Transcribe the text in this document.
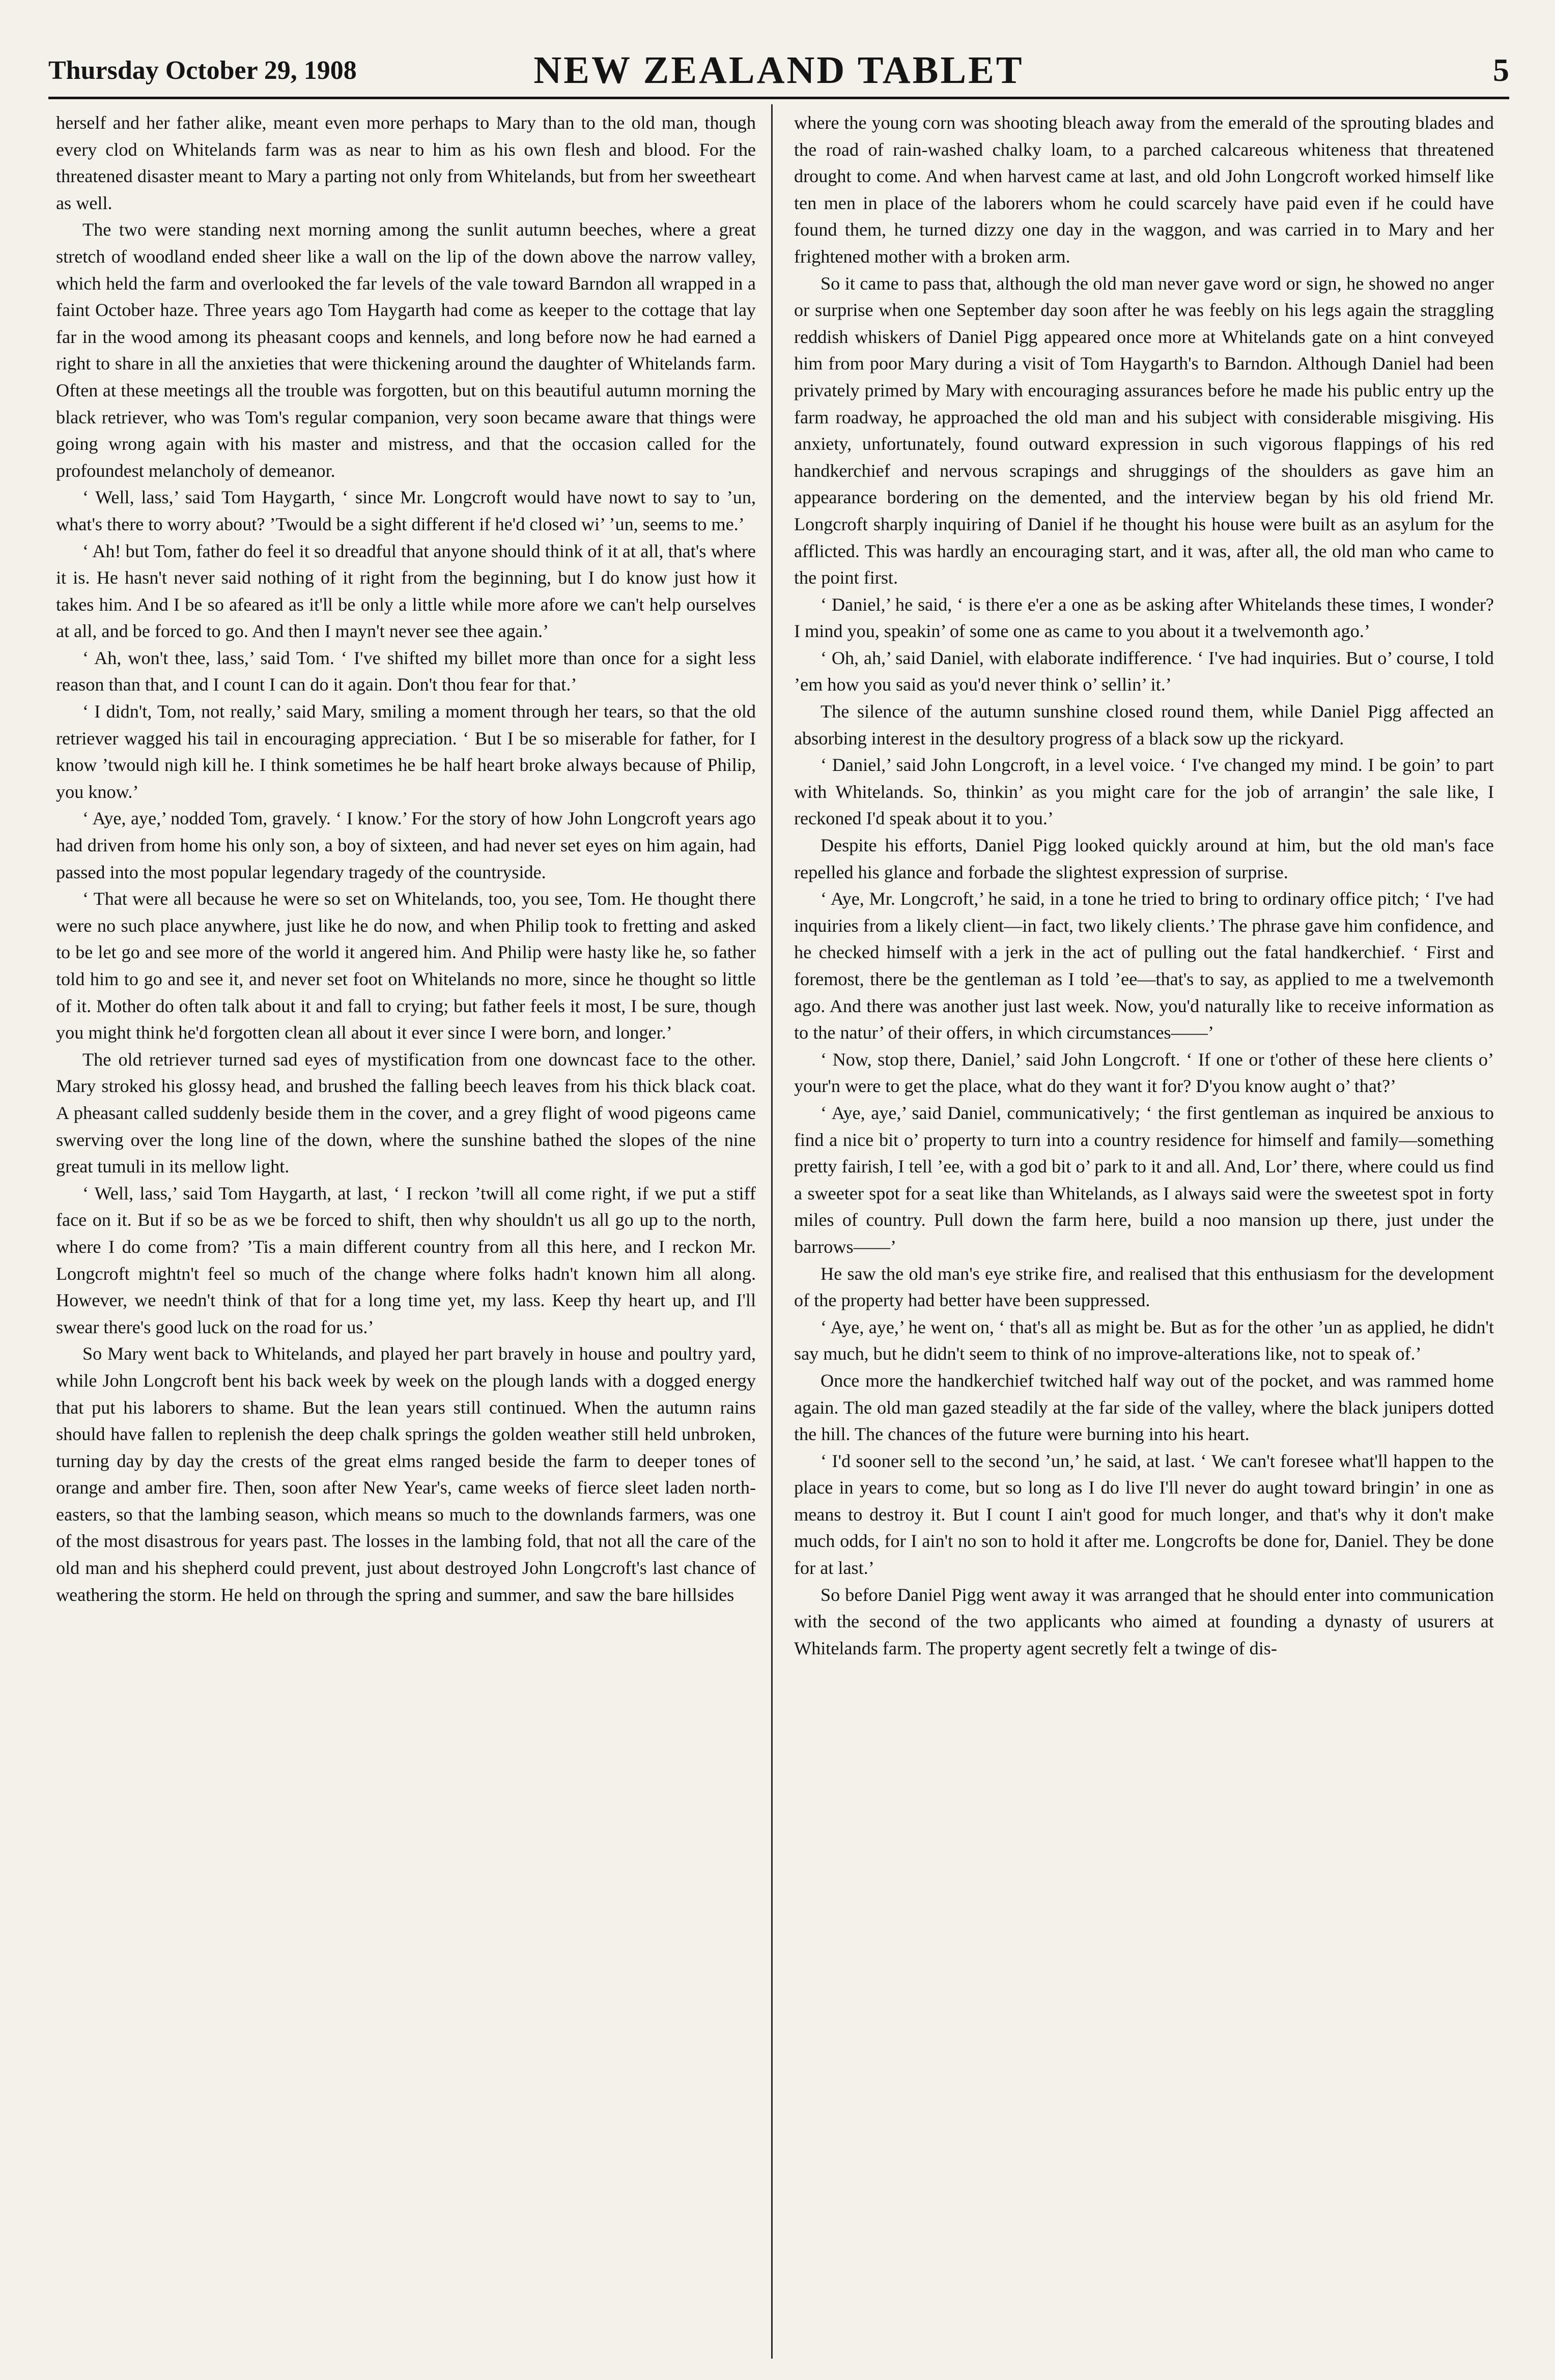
Thursday October 29, 1908	NEW ZEALAND TABLET	5

herself and her father alike, meant even more perhaps to Mary than to the old man, though every clod on Whitelands farm was as near to him as his own flesh and blood. For the threatened disaster meant to Mary a parting not only from Whitelands, but from her sweetheart as well.

The two were standing next morning among the sunlit autumn beeches, where a great stretch of woodland ended sheer like a wall on the lip of the down above the narrow valley, which held the farm and overlooked the far levels of the vale toward Barndon all wrapped in a faint October haze. Three years ago Tom Haygarth had come as keeper to the cottage that lay far in the wood among its pheasant coops and kennels, and long before now he had earned a right to share in all the anxieties that were thickening around the daughter of Whitelands farm. Often at these meetings all the trouble was forgotten, but on this beautiful autumn morning the black retriever, who was Tom's regular companion, very soon became aware that things were going wrong again with his master and mistress, and that the occasion called for the profoundest melancholy of demeanor.

‘ Well, lass,’ said Tom Haygarth, ‘ since Mr. Longcroft would have nowt to say to ’un, what's there to worry about? ’Twould be a sight different if he'd closed wi’ ’un, seems to me.’

‘ Ah! but Tom, father do feel it so dreadful that anyone should think of it at all, that's where it is. He hasn't never said nothing of it right from the beginning, but I do know just how it takes him. And I be so afeared as it'll be only a little while more afore we can't help ourselves at all, and be forced to go. And then I mayn't never see thee again.’

‘ Ah, won't thee, lass,’ said Tom. ‘ I've shifted my billet more than once for a sight less reason than that, and I count I can do it again. Don't thou fear for that.’

‘ I didn't, Tom, not really,’ said Mary, smiling a moment through her tears, so that the old retriever wagged his tail in encouraging appreciation. ‘ But I be so miserable for father, for I know ’twould nigh kill he. I think sometimes he be half heart broke always because of Philip, you know.’

‘ Aye, aye,’ nodded Tom, gravely. ‘ I know.’ For the story of how John Longcroft years ago had driven from home his only son, a boy of sixteen, and had never set eyes on him again, had passed into the most popular legendary tragedy of the countryside.

‘ That were all because he were so set on Whitelands, too, you see, Tom. He thought there were no such place anywhere, just like he do now, and when Philip took to fretting and asked to be let go and see more of the world it angered him. And Philip were hasty like he, so father told him to go and see it, and never set foot on Whitelands no more, since he thought so little of it. Mother do often talk about it and fall to crying; but father feels it most, I be sure, though you might think he'd forgotten clean all about it ever since I were born, and longer.’

The old retriever turned sad eyes of mystification from one downcast face to the other. Mary stroked his glossy head, and brushed the falling beech leaves from his thick black coat. A pheasant called suddenly beside them in the cover, and a grey flight of wood pigeons came swerving over the long line of the down, where the sunshine bathed the slopes of the nine great tumuli in its mellow light.

‘ Well, lass,’ said Tom Haygarth, at last, ‘ I reckon ’twill all come right, if we put a stiff face on it. But if so be as we be forced to shift, then why shouldn't us all go up to the north, where I do come from? ’Tis a main different country from all this here, and I reckon Mr. Longcroft mightn't feel so much of the change where folks hadn't known him all along. However, we needn't think of that for a long time yet, my lass. Keep thy heart up, and I'll swear there's good luck on the road for us.’

So Mary went back to Whitelands, and played her part bravely in house and poultry yard, while John Longcroft bent his back week by week on the plough lands with a dogged energy that put his laborers to shame. But the lean years still continued. When the autumn rains should have fallen to replenish the deep chalk springs the golden weather still held unbroken, turning day by day the crests of the great elms ranged beside the farm to deeper tones of orange and amber fire. Then, soon after New Year's, came weeks of fierce sleet laden north-easters, so that the lambing season, which means so much to the downlands farmers, was one of the most disastrous for years past. The losses in the lambing fold, that not all the care of the old man and his shepherd could prevent, just about destroyed John Longcroft's last chance of weathering the storm. He held on through the spring and summer, and saw the bare hillsides

where the young corn was shooting bleach away from the emerald of the sprouting blades and the road of rain-washed chalky loam, to a parched calcareous whiteness that threatened drought to come. And when harvest came at last, and old John Longcroft worked himself like ten men in place of the laborers whom he could scarcely have paid even if he could have found them, he turned dizzy one day in the waggon, and was carried in to Mary and her frightened mother with a broken arm.

So it came to pass that, although the old man never gave word or sign, he showed no anger or surprise when one September day soon after he was feebly on his legs again the straggling reddish whiskers of Daniel Pigg appeared once more at Whitelands gate on a hint conveyed him from poor Mary during a visit of Tom Haygarth's to Barndon. Although Daniel had been privately primed by Mary with encouraging assurances before he made his public entry up the farm roadway, he approached the old man and his subject with considerable misgiving. His anxiety, unfortunately, found outward expression in such vigorous flappings of his red handkerchief and nervous scrapings and shruggings of the shoulders as gave him an appearance bordering on the demented, and the interview began by his old friend Mr. Longcroft sharply inquiring of Daniel if he thought his house were built as an asylum for the afflicted. This was hardly an encouraging start, and it was, after all, the old man who came to the point first.

‘ Daniel,’ he said, ‘ is there e'er a one as be asking after Whitelands these times, I wonder? I mind you, speakin’ of some one as came to you about it a twelvemonth ago.’

‘ Oh, ah,’ said Daniel, with elaborate indifference. ‘ I've had inquiries. But o’ course, I told ’em how you said as you'd never think o’ sellin’ it.’

The silence of the autumn sunshine closed round them, while Daniel Pigg affected an absorbing interest in the desultory progress of a black sow up the rickyard.

‘ Daniel,’ said John Longcroft, in a level voice. ‘ I've changed my mind. I be goin’ to part with Whitelands. So, thinkin’ as you might care for the job of arrangin’ the sale like, I reckoned I'd speak about it to you.’

Despite his efforts, Daniel Pigg looked quickly around at him, but the old man's face repelled his glance and forbade the slightest expression of surprise.

‘ Aye, Mr. Longcroft,’ he said, in a tone he tried to bring to ordinary office pitch; ‘ I've had inquiries from a likely client—in fact, two likely clients.’ The phrase gave him confidence, and he checked himself with a jerk in the act of pulling out the fatal handkerchief. ‘ First and foremost, there be the gentleman as I told ’ee—that's to say, as applied to me a twelvemonth ago. And there was another just last week. Now, you'd naturally like to receive information as to the natur’ of their offers, in which circumstances——’

‘ Now, stop there, Daniel,’ said John Longcroft. ‘ If one or t'other of these here clients o’ your'n were to get the place, what do they want it for? D'you know aught o’ that?’

‘ Aye, aye,’ said Daniel, communicatively; ‘ the first gentleman as inquired be anxious to find a nice bit o’ property to turn into a country residence for himself and family—something pretty fairish, I tell ’ee, with a god bit o’ park to it and all. And, Lor’ there, where could us find a sweeter spot for a seat like than Whitelands, as I always said were the sweetest spot in forty miles of country. Pull down the farm here, build a noo mansion up there, just under the barrows——’

He saw the old man's eye strike fire, and realised that this enthusiasm for the development of the property had better have been suppressed.

‘ Aye, aye,’ he went on, ‘ that's all as might be. But as for the other ’un as applied, he didn't say much, but he didn't seem to think of no improve-alterations like, not to speak of.’

Once more the handkerchief twitched half way out of the pocket, and was rammed home again. The old man gazed steadily at the far side of the valley, where the black junipers dotted the hill. The chances of the future were burning into his heart.

‘ I'd sooner sell to the second ’un,’ he said, at last. ‘ We can't foresee what'll happen to the place in years to come, but so long as I do live I'll never do aught toward bringin’ in one as means to destroy it. But I count I ain't good for much longer, and that's why it don't make much odds, for I ain't no son to hold it after me. Longcrofts be done for, Daniel. They be done for at last.’

So before Daniel Pigg went away it was arranged that he should enter into communication with the second of the two applicants who aimed at founding a dynasty of usurers at Whitelands farm. The property agent secretly felt a twinge of dis-
